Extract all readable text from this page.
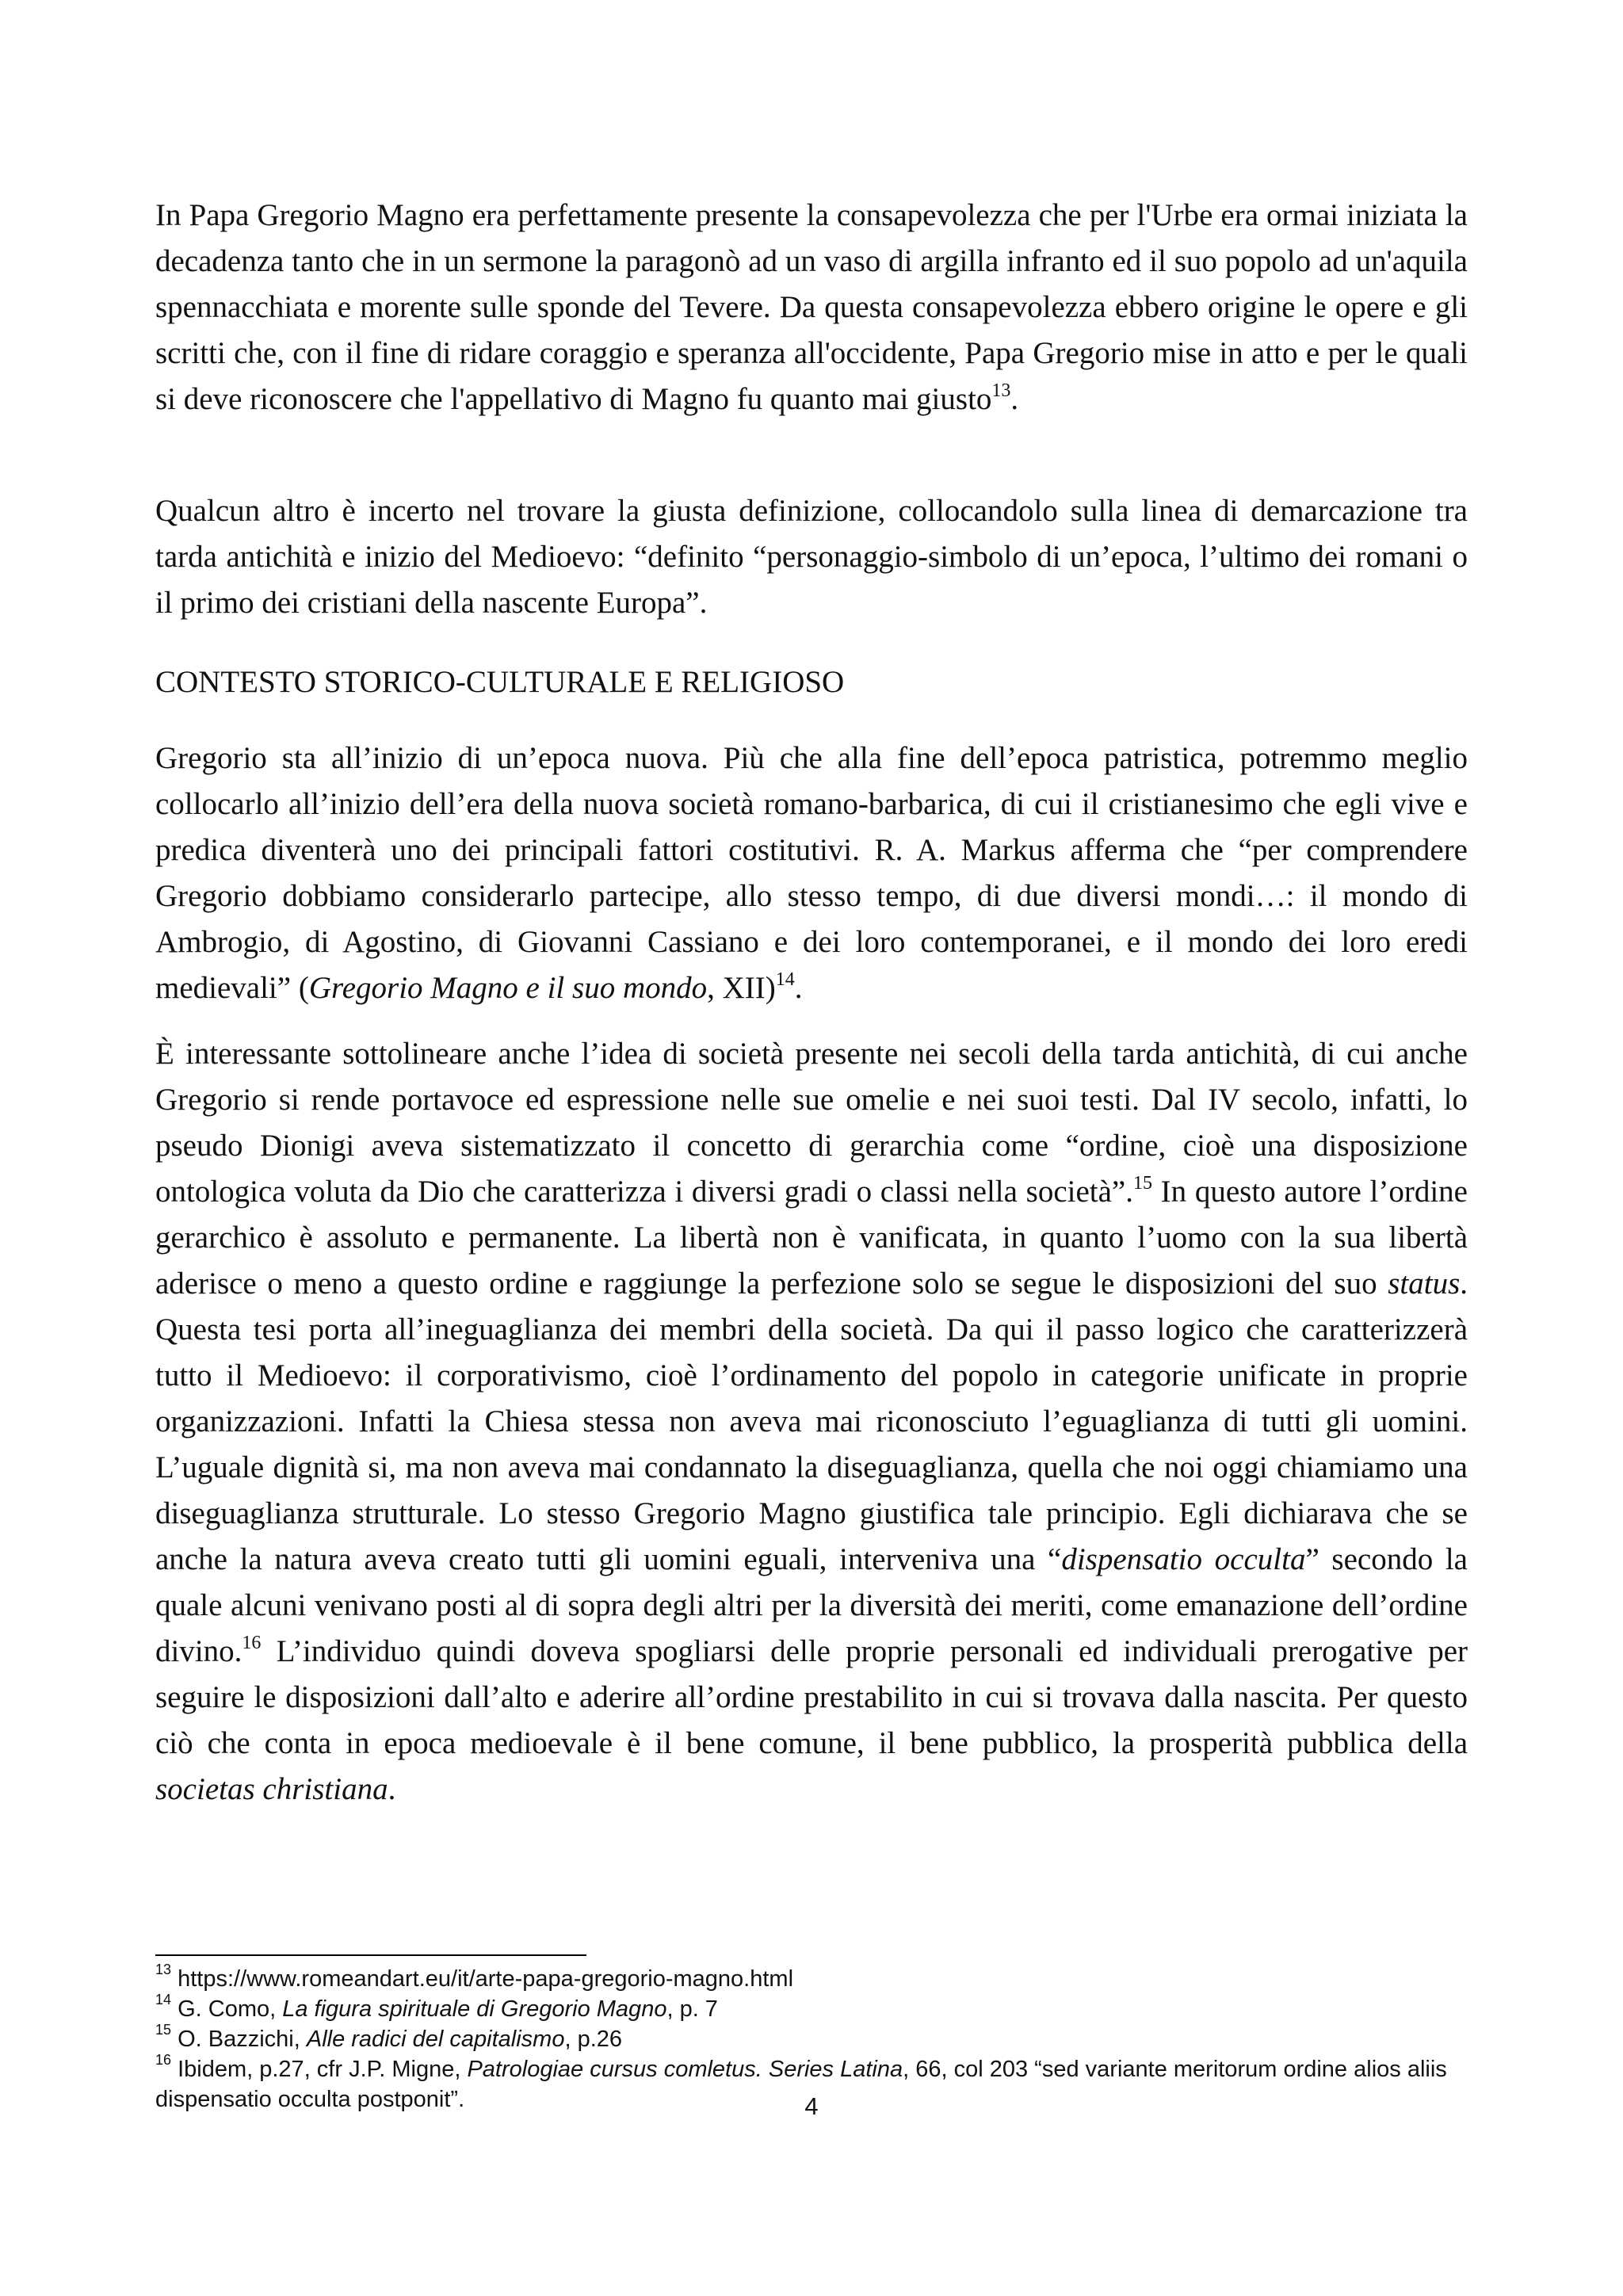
In Papa Gregorio Magno era perfettamente presente la consapevolezza che per l'Urbe era ormai iniziata la decadenza tanto che in un sermone la paragonò ad un vaso di argilla infranto ed il suo popolo ad un'aquila spennacchiata e morente sulle sponde del Tevere. Da questa consapevolezza ebbero origine le opere e gli scritti che, con il fine di ridare coraggio e speranza all'occidente, Papa Gregorio mise in atto e per le quali si deve riconoscere che l'appellativo di Magno fu quanto mai giusto$^{13}$.

Qualcun altro è incerto nel trovare la giusta definizione, collocandolo sulla linea di demarcazione tra tarda antichità e inizio del Medioevo: “definito “personaggio-simbolo di un’epoca, l’ultimo dei romani o il primo dei cristiani della nascente Europa”.

CONTESTO STORICO-CULTURALE E RELIGIOSO

Gregorio sta all’inizio di un’epoca nuova. Più che alla fine dell’epoca patristica, potremmo meglio collocarlo all’inizio dell’era della nuova società romano-barbarica, di cui il cristianesimo che egli vive e predica diventerà uno dei principali fattori costitutivi. R. A. Markus afferma che “per comprendere Gregorio dobbiamo considerarlo partecipe, allo stesso tempo, di due diversi mondi…: il mondo di Ambrogio, di Agostino, di Giovanni Cassiano e dei loro contemporanei, e il mondo dei loro eredi medievali” (Gregorio Magno e il suo mondo, XII)$^{14}$.

È interessante sottolineare anche l’idea di società presente nei secoli della tarda antichità, di cui anche Gregorio si rende portavoce ed espressione nelle sue omelie e nei suoi testi. Dal IV secolo, infatti, lo pseudo Dionigi aveva sistematizzato il concetto di gerarchia come “ordine, cioè una disposizione ontologica voluta da Dio che caratterizza i diversi gradi o classi nella società”.$^{15}$ In questo autore l’ordine gerarchico è assoluto e permanente. La libertà non è vanificata, in quanto l’uomo con la sua libertà aderisce o meno a questo ordine e raggiunge la perfezione solo se segue le disposizioni del suo status. Questa tesi porta all’ineguaglianza dei membri della società. Da qui il passo logico che caratterizzerà tutto il Medioevo: il corporativismo, cioè l’ordinamento del popolo in categorie unificate in proprie organizzazioni. Infatti la Chiesa stessa non aveva mai riconosciuto l’eguaglianza di tutti gli uomini. L’uguale dignità si, ma non aveva mai condannato la diseguaglianza, quella che noi oggi chiamiamo una diseguaglianza strutturale. Lo stesso Gregorio Magno giustifica tale principio. Egli dichiarava che se anche la natura aveva creato tutti gli uomini eguali, interveniva una “dispensatio occulta” secondo la quale alcuni venivano posti al di sopra degli altri per la diversità dei meriti, come emanazione dell’ordine divino.$^{16}$ L’individuo quindi doveva spogliarsi delle proprie personali ed individuali prerogative per seguire le disposizioni dall’alto e aderire all’ordine prestabilito in cui si trovava dalla nascita. Per questo ciò che conta in epoca medioevale è il bene comune, il bene pubblico, la prosperità pubblica della societas christiana.

$^{13}$ https://www.romeandart.eu/it/arte-papa-gregorio-magno.html

$^{14}$ G. Como, La figura spirituale di Gregorio Magno, p. 7

$^{15}$ O. Bazzichi, Alle radici del capitalismo, p.26

$^{16}$ Ibidem, p.27, cfr J.P. Migne, Patrologiae cursus comletus. Series Latina, 66, col 203 “sed variante meritorum ordine alios aliis dispensatio occulta postponit”.	4
